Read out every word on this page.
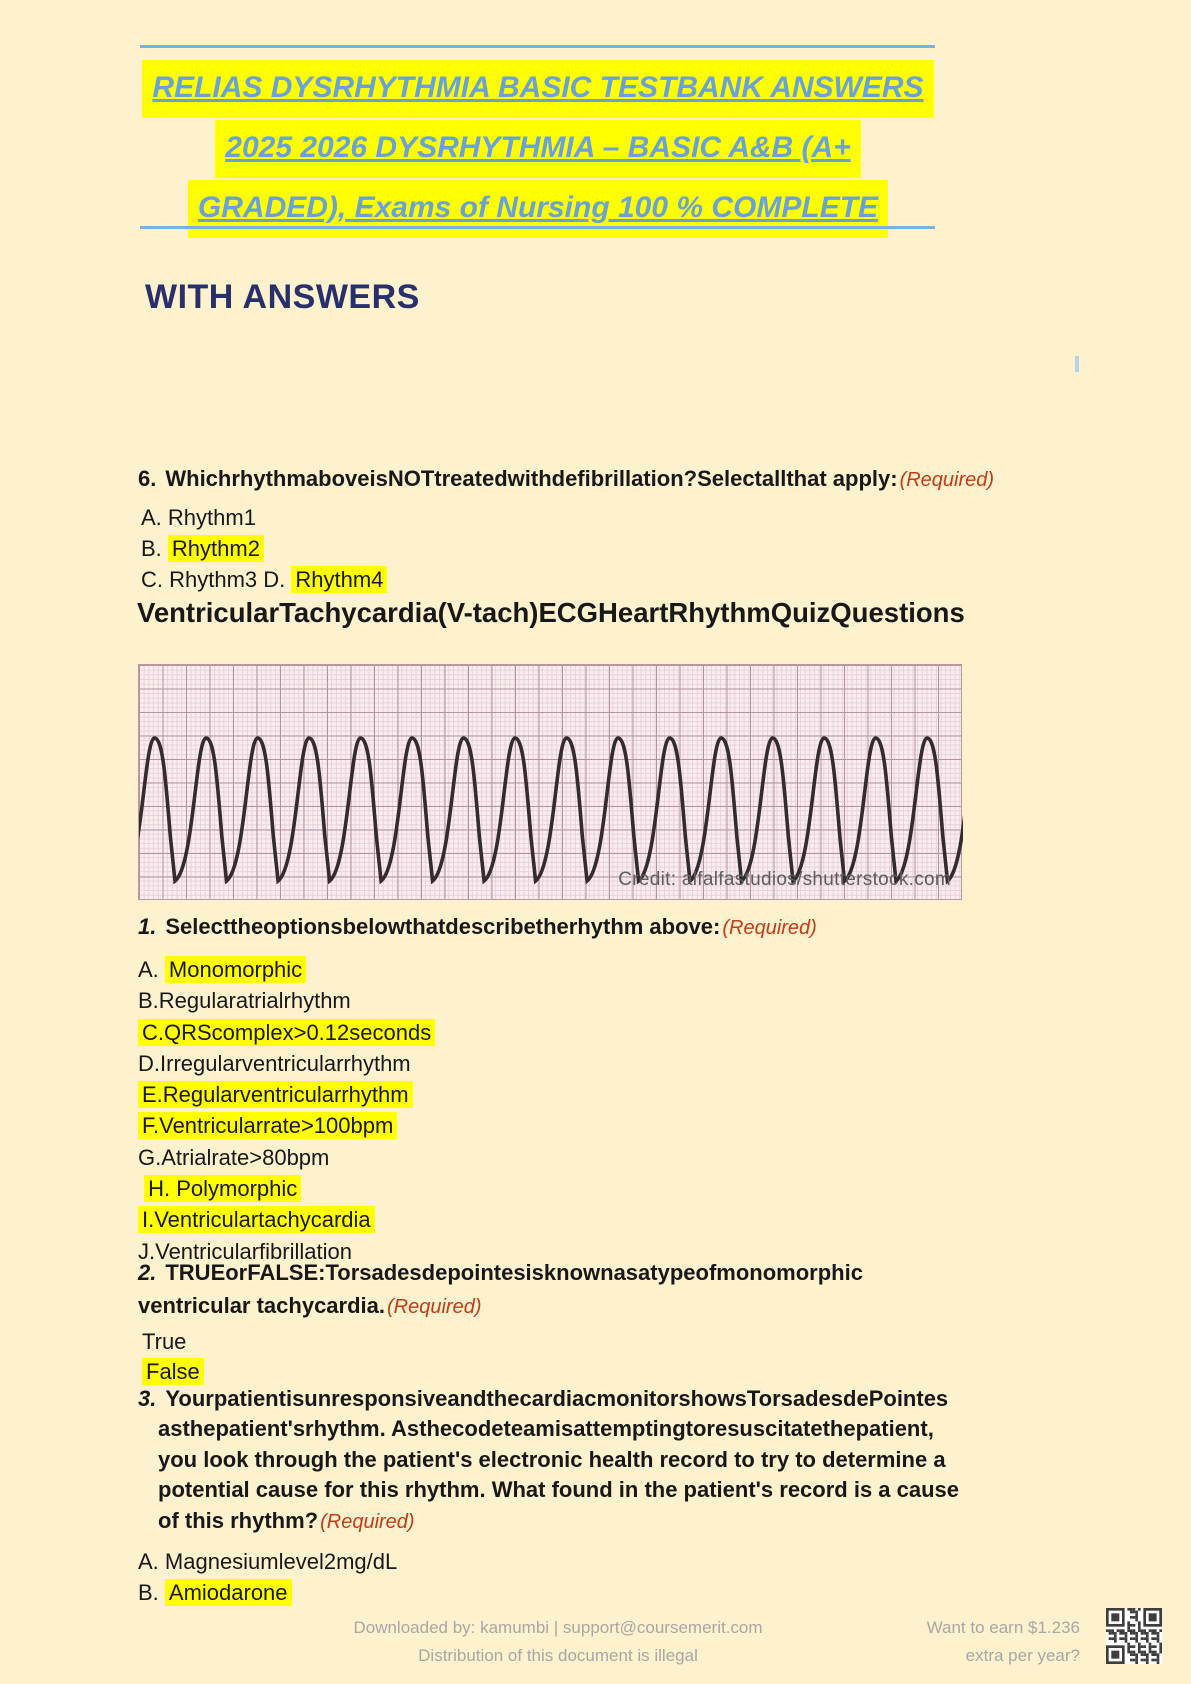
RELIAS DYSRHYTHMIA BASIC TESTBANK ANSWERS
2025 2026 DYSRHYTHMIA – BASIC A&B (A+
GRADED), Exams of Nursing 100 % COMPLETE
WITH ANSWERS
6. WhichrhythmaboveisNOTtreatedwithdefibrillation?Selectallthat apply: (Required)
A. Rhythm1
B. Rhythm2
C. Rhythm3 D. Rhythm4
VentricularTachycardia(V-tach)ECGHeartRhythmQuizQuestions
Credit: alfalfastudios/shutterstock.com
1. Selecttheoptionsbelowthatdescribetherhythm above: (Required)
A. Monomorphic
B.Regularatrialrhythm
C.QRScomplex>0.12seconds
D.Irregularventricularrhythm
E.Regularventricularrhythm
F.Ventricularrate>100bpm
G.Atrialrate>80bpm
H. Polymorphic
I.Ventriculartachycardia
J.Ventricularfibrillation
2. TRUEorFALSE:Torsadesdepointesisknownasatypeofmonomorphic
ventricular tachycardia. (Required)
True
False
3. YourpatientisunresponsiveandthecardiacmonitorshowsTorsadesdePointes
asthepatient'srhythm. Asthecodeteamisattemptingtoresuscitatethepatient,
you look through the patient's electronic health record to try to determine a
potential cause for this rhythm. What found in the patient's record is a cause
of this rhythm? (Required)
A. Magnesiumlevel2mg/dL
B. Amiodarone
Downloaded by: kamumbi | support@coursemerit.com
Distribution of this document is illegal
Want to earn $1.236
extra per year?
